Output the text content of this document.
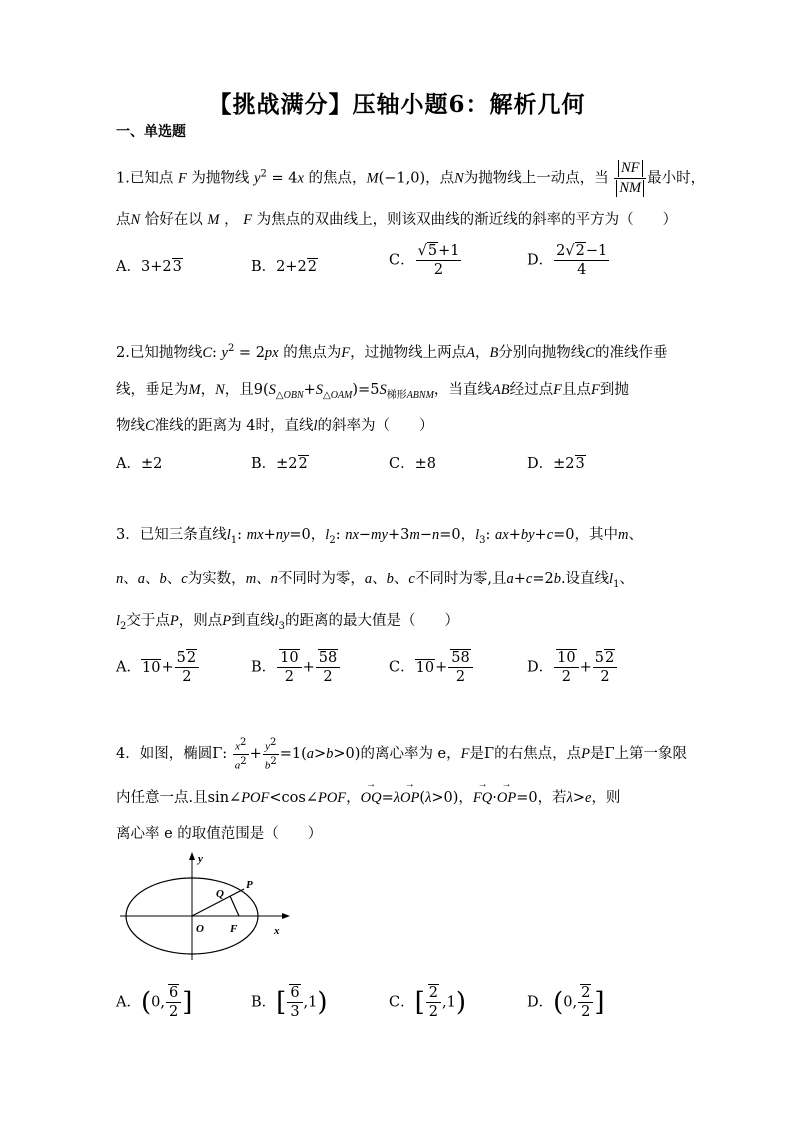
【挑战满分】压轴小题6：解析几何
一、单选题
1.已知点 F 为抛物线 $y^2 = 4x$ 的焦点，M(−1,0)，点N为抛物线上一动点，当 $\frac{NF}{NM}$ 最小时，
点N 恰好在以 M ， F 为焦点的双曲线上，则该双曲线的渐近线的斜率的平方为（　　）
A．3+23	B．2+22	C． $\frac{√5+1}{2}$	D． $\frac{2√2-1}{4}$
2.已知抛物线C: $y^2 = 2px$ 的焦点为F，过抛物线上两点A，B分别向抛物线C的准线作垂
线，垂足为M，N，且$9(S_{\triangle OBN}+S_{\triangle OAM})=5S_{梯形ABNM}$，当直线AB经过点F且点F到抛
物线C准线的距离为 4时，直线l的斜率为（　　）
A．±2	B．±22	C．±8	D．±23
3．已知三条直线$l_1$: mx+ny=0，$l_2$: nx−my+3m−n=0，$l_3$: ax+by+c=0，其中m、
n、a、b、c为实数，m、n不同时为零，a、b、c不同时为零,且a+c=2b.设直线$l_1$、
$l_2$交于点P，则点P到直线$l_3$的距离的最大值是（　　）
A．$10+ \frac{52}{2}$	B． $\frac{10}{2} + \frac{58}{2}$	C．$10+ \frac{58}{2}$	D． $\frac{10}{2} + \frac{52}{2}$
4．如图，椭圆Γ: $\frac{x^2}{a^2} + \frac{y^2}{b^2} =1(a>b>0)$的离心率为 e，F是Γ的右焦点，点P是Γ上第一象限
内任意一点.且sin∠POF<cos∠POF，→ OQ=λ→ OP(λ>0)，→ FQ·→ OP=0，若λ>e，则
离心率 e 的取值范围是（　　）
y
x
O F
P
Q
A．(0, $\frac{6}{2}$ ]	B．[ $\frac{6}{3} ,1$)	C．[ $\frac{2}{2} ,1$)	D．(0, $\frac{2}{2}$ ]
